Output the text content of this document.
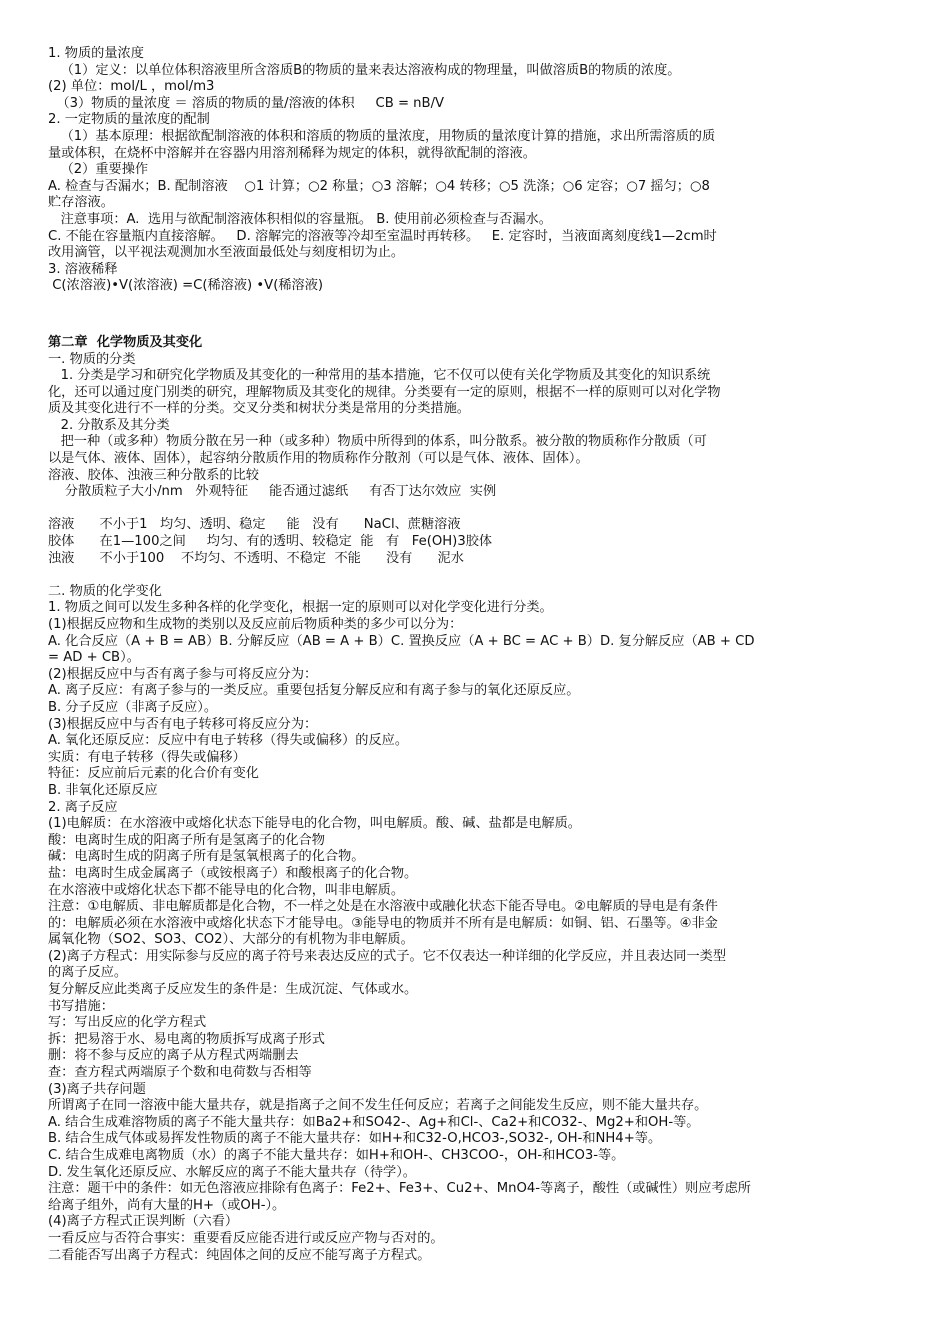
1. 物质的量浓度
（1）定义：以单位体积溶液里所含溶质B的物质的量来表达溶液构成的物理量，叫做溶质B的物质的浓度。
(2) 单位：mol/L ，mol/m3
（3）物质的量浓度 ＝ 溶质的物质的量/溶液的体积     CB = nB/V
2. 一定物质的量浓度的配制
（1）基本原理：根据欲配制溶液的体积和溶质的物质的量浓度，用物质的量浓度计算的措施，求出所需溶质的质
量或体积，在烧杯中溶解并在容器内用溶剂稀释为规定的体积，就得欲配制的溶液。
（2）重要操作
A. 检查与否漏水；B. 配制溶液    ○1 计算；○2 称量；○3 溶解；○4 转移；○5 洗涤；○6 定容；○7 摇匀；○8
贮存溶液。
注意事项：A.  选用与欲配制溶液体积相似的容量瓶。 B. 使用前必须检查与否漏水。
C. 不能在容量瓶内直接溶解。   D. 溶解完的溶液等冷却至室温时再转移。   E. 定容时，当液面离刻度线1—2cm时
改用滴管，以平视法观测加水至液面最低处与刻度相切为止。
3. 溶液稀释
C(浓溶液)•V(浓溶液) =C(稀溶液) •V(稀溶液)
第二章  化学物质及其变化
一. 物质的分类
1. 分类是学习和研究化学物质及其变化的一种常用的基本措施，它不仅可以使有关化学物质及其变化的知识系统
化，还可以通过度门别类的研究，理解物质及其变化的规律。分类要有一定的原则，根据不一样的原则可以对化学物
质及其变化进行不一样的分类。交叉分类和树状分类是常用的分类措施。
2. 分散系及其分类
把一种（或多种）物质分散在另一种（或多种）物质中所得到的体系，叫分散系。被分散的物质称作分散质（可
以是气体、液体、固体），起容纳分散质作用的物质称作分散剂（可以是气体、液体、固体）。
溶液、胶体、浊液三种分散系的比较
分散质粒子大小/nm   外观特征     能否通过滤纸     有否丁达尔效应  实例
溶液      不小于1   均匀、透明、稳定     能   没有      NaCl、蔗糖溶液
胶体      在1—100之间     均匀、有的透明、较稳定  能   有   Fe(OH)3胶体
浊液      不小于100    不均匀、不透明、不稳定  不能      没有      泥水
二. 物质的化学变化
1. 物质之间可以发生多种各样的化学变化，根据一定的原则可以对化学变化进行分类。
(1)根据反应物和生成物的类别以及反应前后物质种类的多少可以分为：
A. 化合反应（A + B = AB）B. 分解反应（AB = A + B）C. 置换反应（A + BC = AC + B）D. 复分解反应（AB + CD
= AD + CB）。
(2)根据反应中与否有离子参与可将反应分为：
A. 离子反应：有离子参与的一类反应。重要包括复分解反应和有离子参与的氧化还原反应。
B. 分子反应（非离子反应）。
(3)根据反应中与否有电子转移可将反应分为：
A. 氧化还原反应：反应中有电子转移（得失或偏移）的反应。
实质：有电子转移（得失或偏移）
特征：反应前后元素的化合价有变化
B. 非氧化还原反应
2. 离子反应
(1)电解质：在水溶液中或熔化状态下能导电的化合物，叫电解质。酸、碱、盐都是电解质。
酸：电离时生成的阳离子所有是氢离子的化合物
碱：电离时生成的阴离子所有是氢氧根离子的化合物。
盐：电离时生成金属离子（或铵根离子）和酸根离子的化合物。
在水溶液中或熔化状态下都不能导电的化合物，叫非电解质。
注意：①电解质、非电解质都是化合物，不一样之处是在水溶液中或融化状态下能否导电。②电解质的导电是有条件
的：电解质必须在水溶液中或熔化状态下才能导电。③能导电的物质并不所有是电解质：如铜、铝、石墨等。④非金
属氧化物（SO2、SO3、CO2）、大部分的有机物为非电解质。
(2)离子方程式：用实际参与反应的离子符号来表达反应的式子。它不仅表达一种详细的化学反应，并且表达同一类型
的离子反应。
复分解反应此类离子反应发生的条件是：生成沉淀、气体或水。
书写措施：
写：写出反应的化学方程式
拆：把易溶于水、易电离的物质拆写成离子形式
删：将不参与反应的离子从方程式两端删去
查：查方程式两端原子个数和电荷数与否相等
(3)离子共存问题
所谓离子在同一溶液中能大量共存，就是指离子之间不发生任何反应；若离子之间能发生反应，则不能大量共存。
A. 结合生成难溶物质的离子不能大量共存：如Ba2+和SO42-、Ag+和Cl-、Ca2+和CO32-、Mg2+和OH-等。
B. 结合生成气体或易挥发性物质的离子不能大量共存：如H+和C32-O,HCO3-,SO32-, OH-和NH4+等。
C. 结合生成难电离物质（水）的离子不能大量共存：如H+和OH-、CH3COO-，OH-和HCO3-等。
D. 发生氧化还原反应、水解反应的离子不能大量共存（待学）。
注意：题干中的条件：如无色溶液应排除有色离子：Fe2+、Fe3+、Cu2+、MnO4-等离子，酸性（或碱性）则应考虑所
给离子组外，尚有大量的H+（或OH-）。
(4)离子方程式正误判断（六看）
一看反应与否符合事实：重要看反应能否进行或反应产物与否对的。
二看能否写出离子方程式：纯固体之间的反应不能写离子方程式。
